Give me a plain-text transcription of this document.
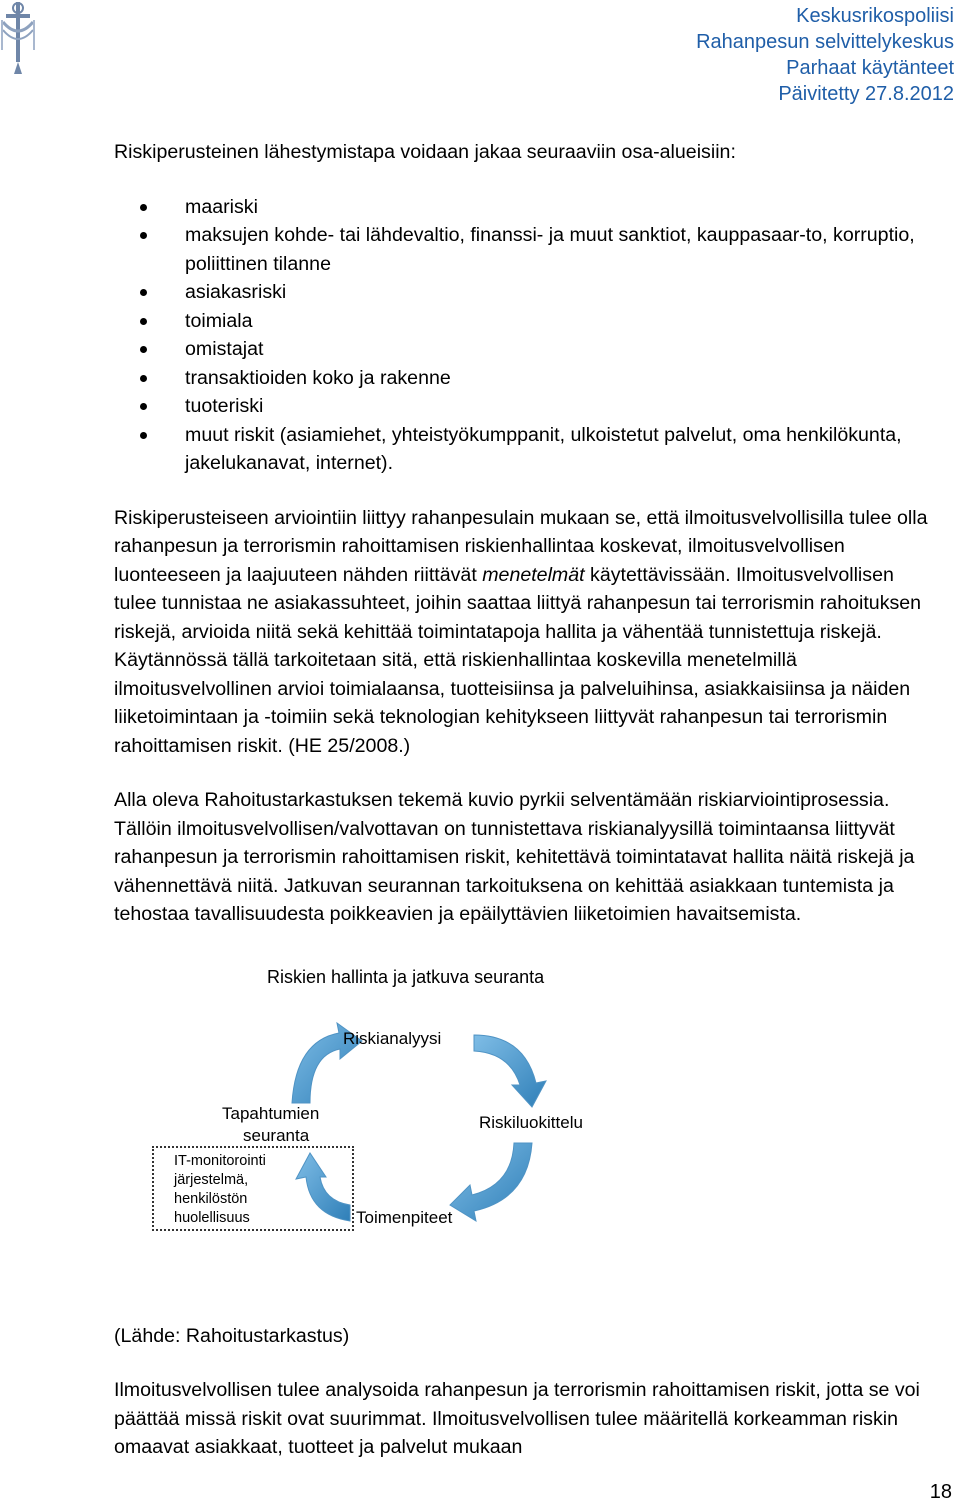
Keskusrikospoliisi
Rahanpesun selvittelykeskus
Parhaat käytänteet
Päivitetty 27.8.2012

Riskiperusteinen lähestymistapa voidaan jakaa seuraaviin osa-alueisiin:

maariski
maksujen kohde- tai lähdevaltio, finanssi- ja muut sanktiot, kauppasaar-to, korruptio, poliittinen tilanne
asiakasriski
toimiala
omistajat
transaktioiden koko ja rakenne
tuoteriski
muut riskit (asiamiehet, yhteistyökumppanit, ulkoistetut palvelut, oma henkilökunta, jakelukanavat, internet).

Riskiperusteiseen arviointiin liittyy rahanpesulain mukaan se, että ilmoitusvelvollisilla tulee olla rahanpesun ja terrorismin rahoittamisen riskienhallintaa koskevat, ilmoitusvelvollisen luonteeseen ja laajuuteen nähden riittävät menetelmät käytettävissään. Ilmoitusvelvollisen tulee tunnistaa ne asiakassuhteet, joihin saattaa liittyä rahanpesun tai terrorismin rahoituksen riskejä, arvioida niitä sekä kehittää toimintatapoja hallita ja vähentää tunnistettuja riskejä. Käytännössä tällä tarkoitetaan sitä, että riskienhallintaa koskevilla menetelmillä ilmoitusvelvollinen arvioi toimialaansa, tuotteisiinsa ja palveluihinsa, asiakkaisiinsa ja näiden liiketoimintaan ja -toimiin sekä teknologian kehitykseen liittyvät rahanpesun tai terrorismin rahoittamisen riskit. (HE 25/2008.)

Alla oleva Rahoitustarkastuksen tekemä kuvio pyrkii selventämään riskiarviointiprosessia. Tällöin ilmoitusvelvollisen/valvottavan on tunnistettava riskianalyysillä toimintaansa liittyvät rahanpesun ja terrorismin rahoittamisen riskit, kehitettävä toimintatavat hallita näitä riskejä ja vähennettävä niitä. Jatkuvan seurannan tarkoituksena on kehittää asiakkaan tuntemista ja tehostaa tavallisuudesta poikkeavien ja epäilyttävien liiketoimien havaitsemista.

Riskien hallinta ja jatkuva seuranta
Riskianalyysi
Riskiluokittelu
Toimenpiteet
Tapahtumien
seuranta
IT-monitorointi
järjestelmä,
henkilöstön
huolellisuus

(Lähde: Rahoitustarkastus)

Ilmoitusvelvollisen tulee analysoida rahanpesun ja terrorismin rahoittamisen riskit, jotta se voi päättää missä riskit ovat suurimmat. Ilmoitusvelvollisen tulee määritellä korkeamman riskin omaavat asiakkaat, tuotteet ja palvelut mukaan

18
